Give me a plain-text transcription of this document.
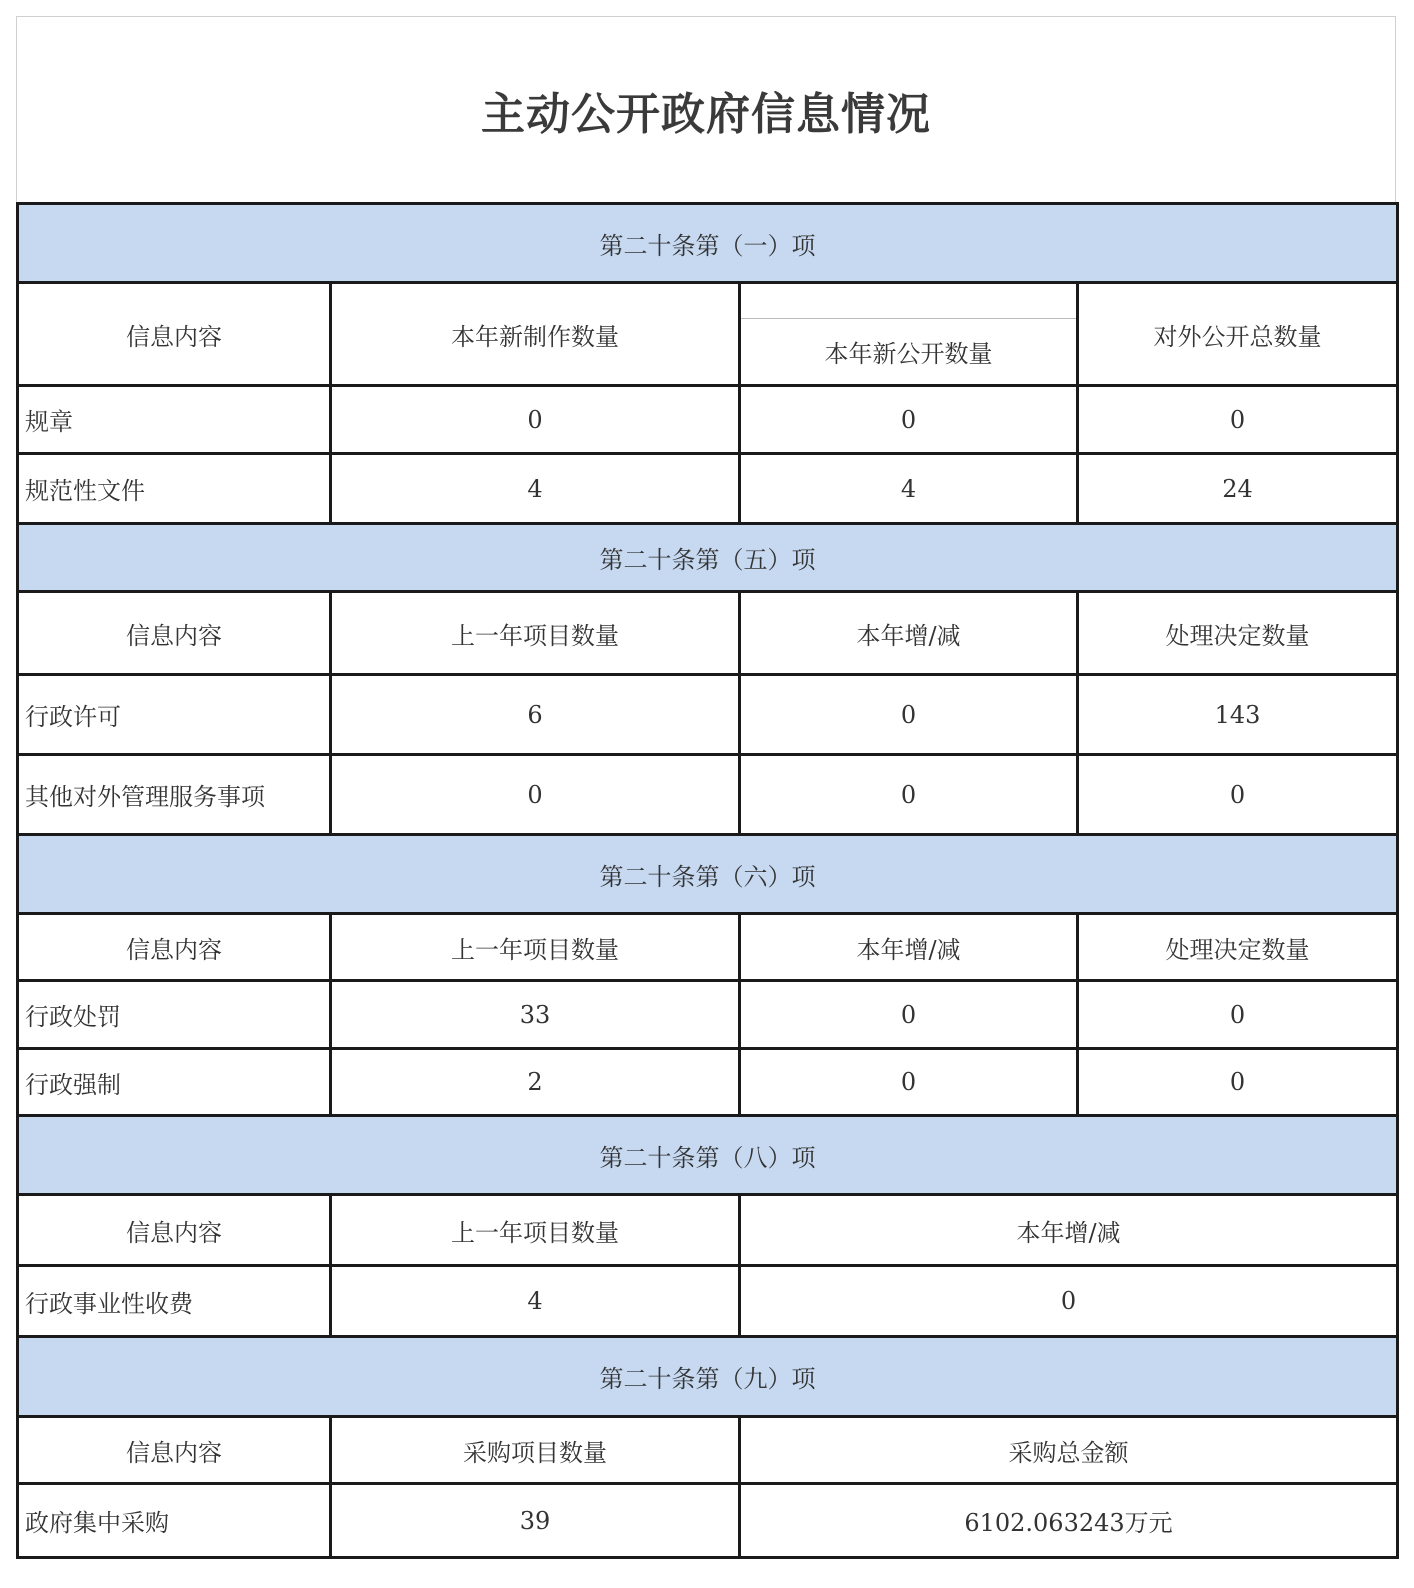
主动公开政府信息情况
第二十条第（一）项			
信息内容	本年新制作数量	本年新公开数量	对外公开总数量
规章	0	0	0
规范性文件	4	4	24
第二十条第（五）项			
信息内容	上一年项目数量	本年增/减	处理决定数量
行政许可	6	0	143
其他对外管理服务事项	0	0	0
第二十条第（六）项			
信息内容	上一年项目数量	本年增/减	处理决定数量
行政处罚	33	0	0
行政强制	2	0	0
第二十条第（八）项			
信息内容	上一年项目数量	本年增/减	
行政事业性收费	4	0	
第二十条第（九）项			
信息内容	采购项目数量	采购总金额	
政府集中采购	39	6102.063243万元	
